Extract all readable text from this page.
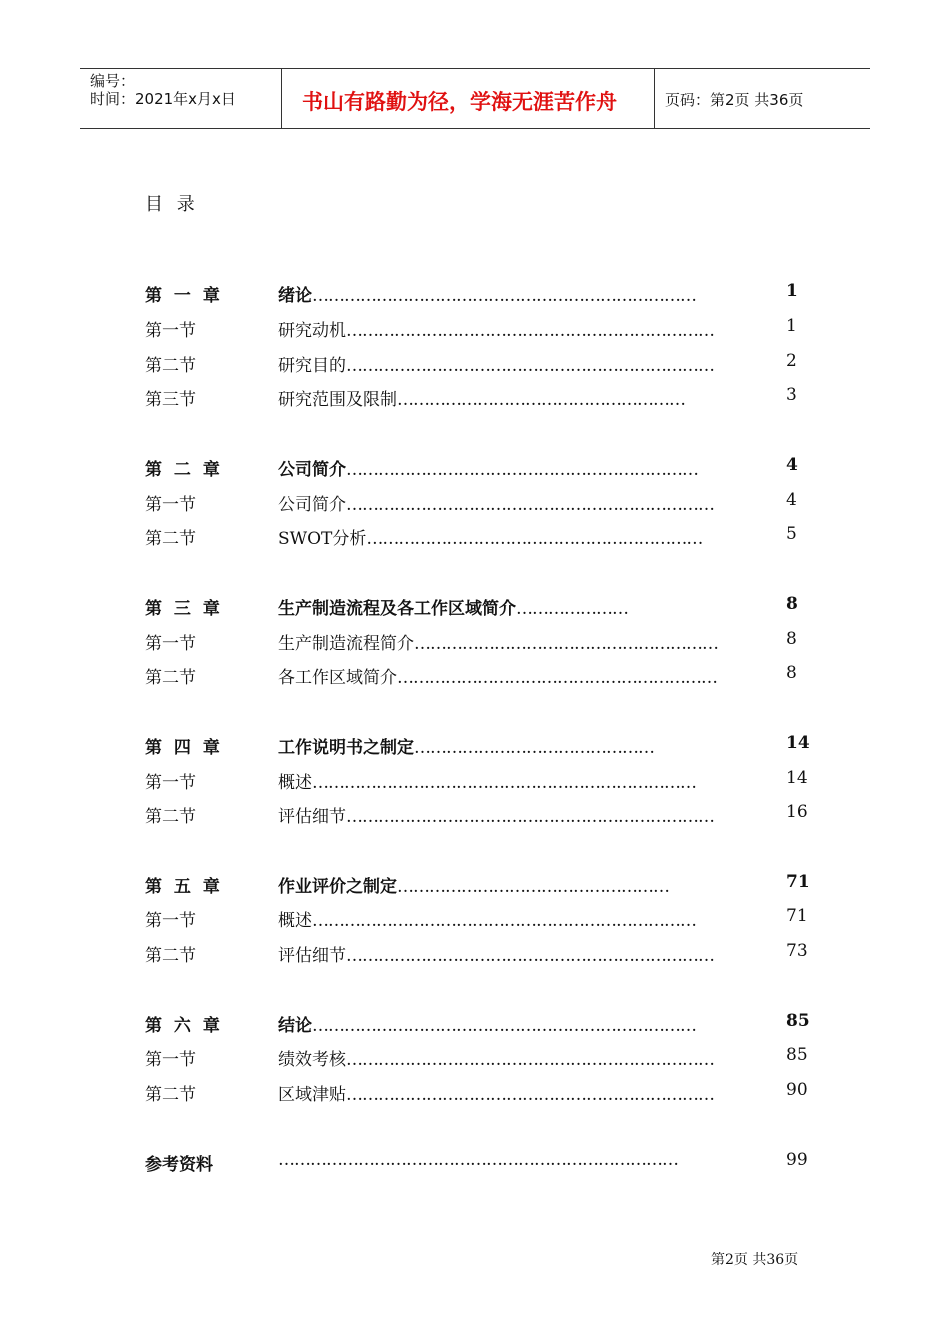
编号：
时间：2021年x月x日	书山有路勤为径，学海无涯苦作舟	页码：第2页 共36页
目 录
第 一 章	绪论………………………………………………………………	1
第一节	研究动机……………………………………………………………	1
第二节	研究目的……………………………………………………………	2
第三节	研究范围及限制………………………………………………	3
第 二 章	公司简介…………………………………………………………	4
第一节	公司简介……………………………………………………………	4
第二节	SWOT分析………………………………………………………	5
第 三 章	生产制造流程及各工作区域简介…………………	8
第一节	生产制造流程简介…………………………………………………	8
第二节	各工作区域简介……………………………………………………	8
第 四 章	工作说明书之制定………………………………………	14
第一节	概述………………………………………………………………	14
第二节	评估细节……………………………………………………………	16
第 五 章	作业评价之制定……………………………………………	71
第一节	概述………………………………………………………………	71
第二节	评估细节……………………………………………………………	73
第 六 章	结论………………………………………………………………	85
第一节	绩效考核……………………………………………………………	85
第二节	区域津贴……………………………………………………………	90
参考资料	…………………………………………………………………	99
第2页 共36页
